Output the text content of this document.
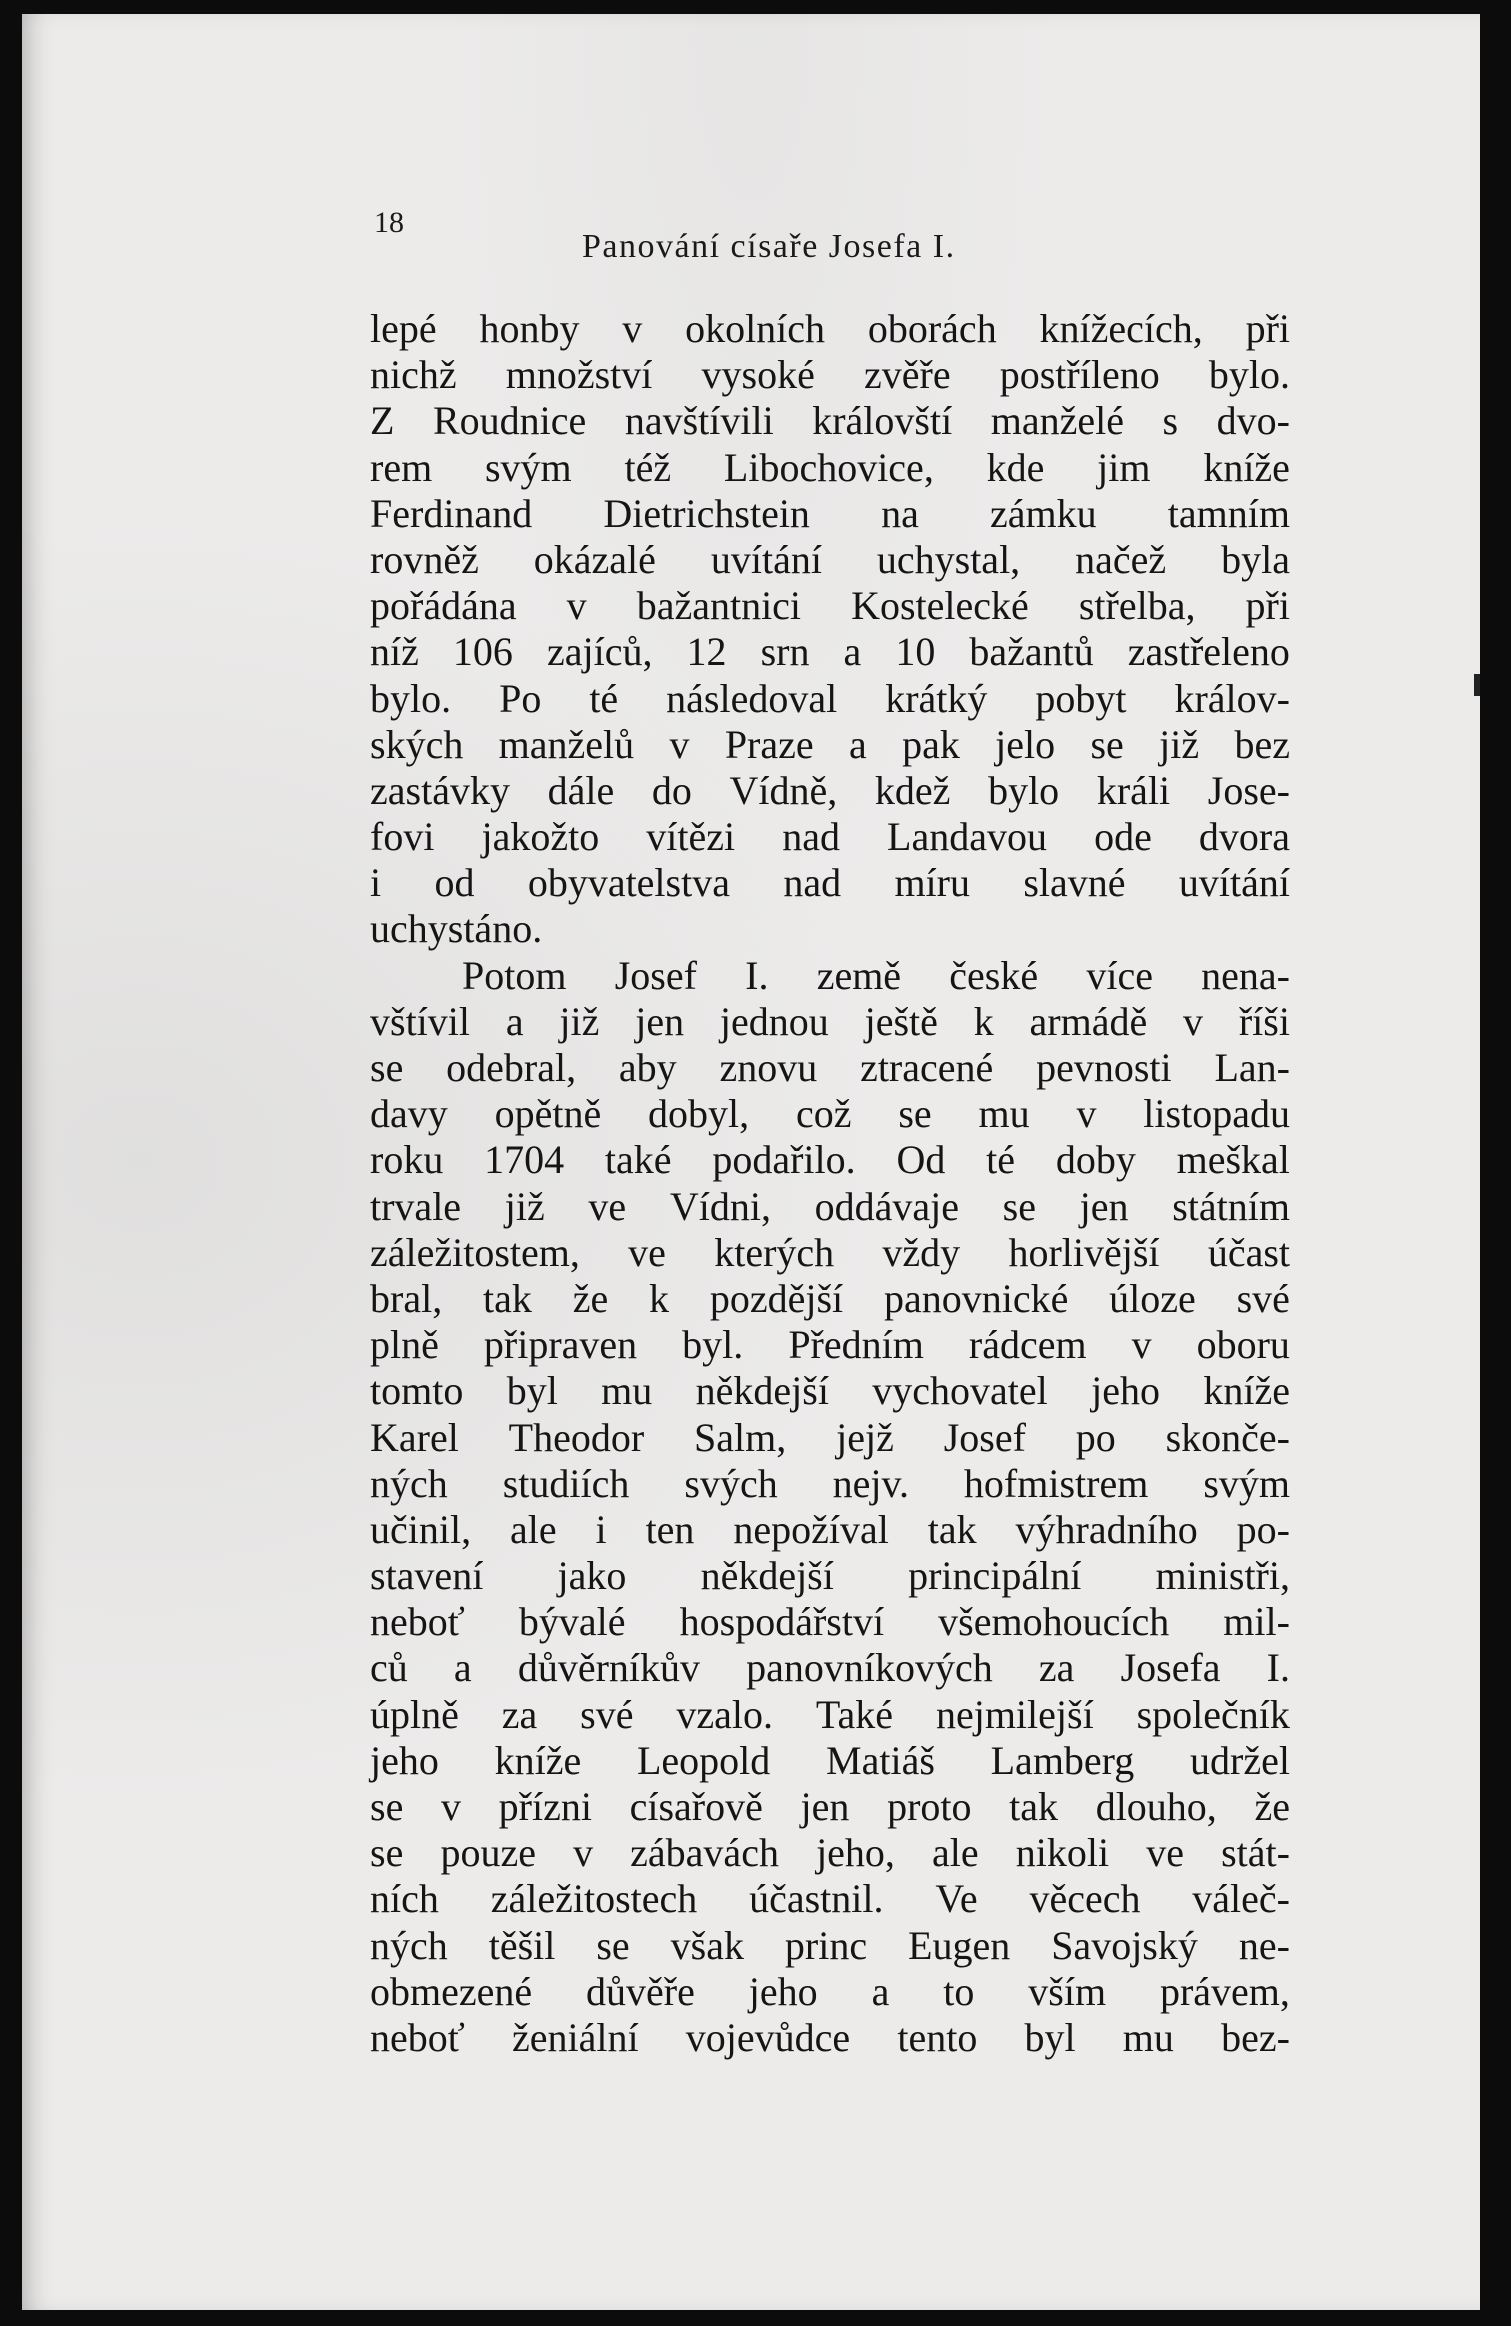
18

Panování císaře Josefa I.

lepé honby v okolních oborách knížecích, při
nichž množství vysoké zvěře postříleno bylo.
Z Roudnice navštívili královští manželé s dvo-
rem svým též Libochovice, kde jim kníže
Ferdinand Dietrichstein na zámku tamním
rovněž okázalé uvítání uchystal, načež byla
pořádána v bažantnici Kostelecké střelba, při
níž 106 zajíců, 12 srn a 10 bažantů zastřeleno
bylo. Po té následoval krátký pobyt králov-
ských manželů v Praze a pak jelo se již bez
zastávky dále do Vídně, kdež bylo králi Jose-
fovi jakožto vítězi nad Landavou ode dvora
i od obyvatelstva nad míru slavné uvítání
uchystáno.
Potom Josef I. země české více nena-
vštívil a již jen jednou ještě k armádě v říši
se odebral, aby znovu ztracené pevnosti Lan-
davy opětně dobyl, což se mu v listopadu
roku 1704 také podařilo. Od té doby meškal
trvale již ve Vídni, oddávaje se jen státním
záležitostem, ve kterých vždy horlivější účast
bral, tak že k pozdější panovnické úloze své
plně připraven byl. Předním rádcem v oboru
tomto byl mu někdejší vychovatel jeho kníže
Karel Theodor Salm, jejž Josef po skonče-
ných studiích svých nejv. hofmistrem svým
učinil, ale i ten nepožíval tak výhradního po-
stavení jako někdejší principální ministři,
neboť bývalé hospodářství všemohoucích mil-
ců a důvěrníkův panovníkových za Josefa I.
úplně za své vzalo. Také nejmilejší společník
jeho kníže Leopold Matiáš Lamberg udržel
se v přízni císařově jen proto tak dlouho, že
se pouze v zábavách jeho, ale nikoli ve stát-
ních záležitostech účastnil. Ve věcech váleč-
ných těšil se však princ Eugen Savojský ne-
obmezené důvěře jeho a to vším právem,
neboť ženiální vojevůdce tento byl mu bez-
